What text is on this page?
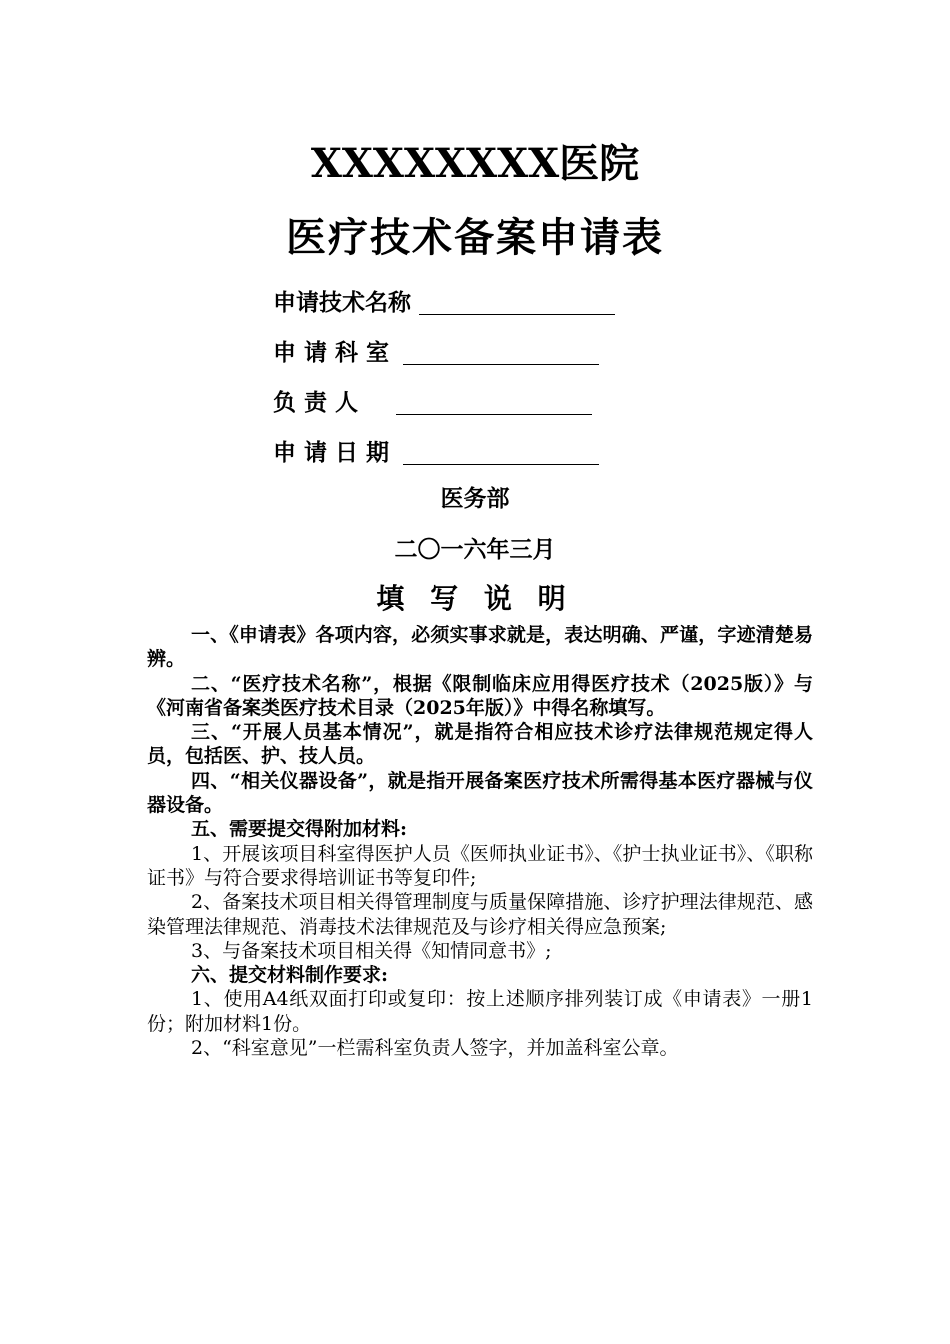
XXXXXXXX医院
医疗技术备案申请表
申请技术名称
申 请 科 室
负 责 人
申 请 日 期
医务部
二〇一六年三月
填 写 说 明

一、《申请表》各项内容，必须实事求就是，表达明确、严谨，字迹清楚易辨。

二、“医疗技术名称”，根据《限制临床应用得医疗技术（2025版）》与《河南省备案类医疗技术目录（2025年版）》中得名称填写。

三、“开展人员基本情况”，就是指符合相应技术诊疗法律规范规定得人员，包括医、护、技人员。

四、“相关仪器设备”，就是指开展备案医疗技术所需得基本医疗器械与仪器设备。

五、需要提交得附加材料:

1、开展该项目科室得医护人员《医师执业证书》、《护士执业证书》、《职称证书》与符合要求得培训证书等复印件;

2、备案技术项目相关得管理制度与质量保障措施、诊疗护理法律规范、感染管理法律规范、消毒技术法律规范及与诊疗相关得应急预案;

3、与备案技术项目相关得《知情同意书》;

六、提交材料制作要求:

1、使用A4纸双面打印或复印：按上述顺序排列装订成《申请表》一册1份；附加材料1份。

2、“科室意见”一栏需科室负责人签字，并加盖科室公章。
